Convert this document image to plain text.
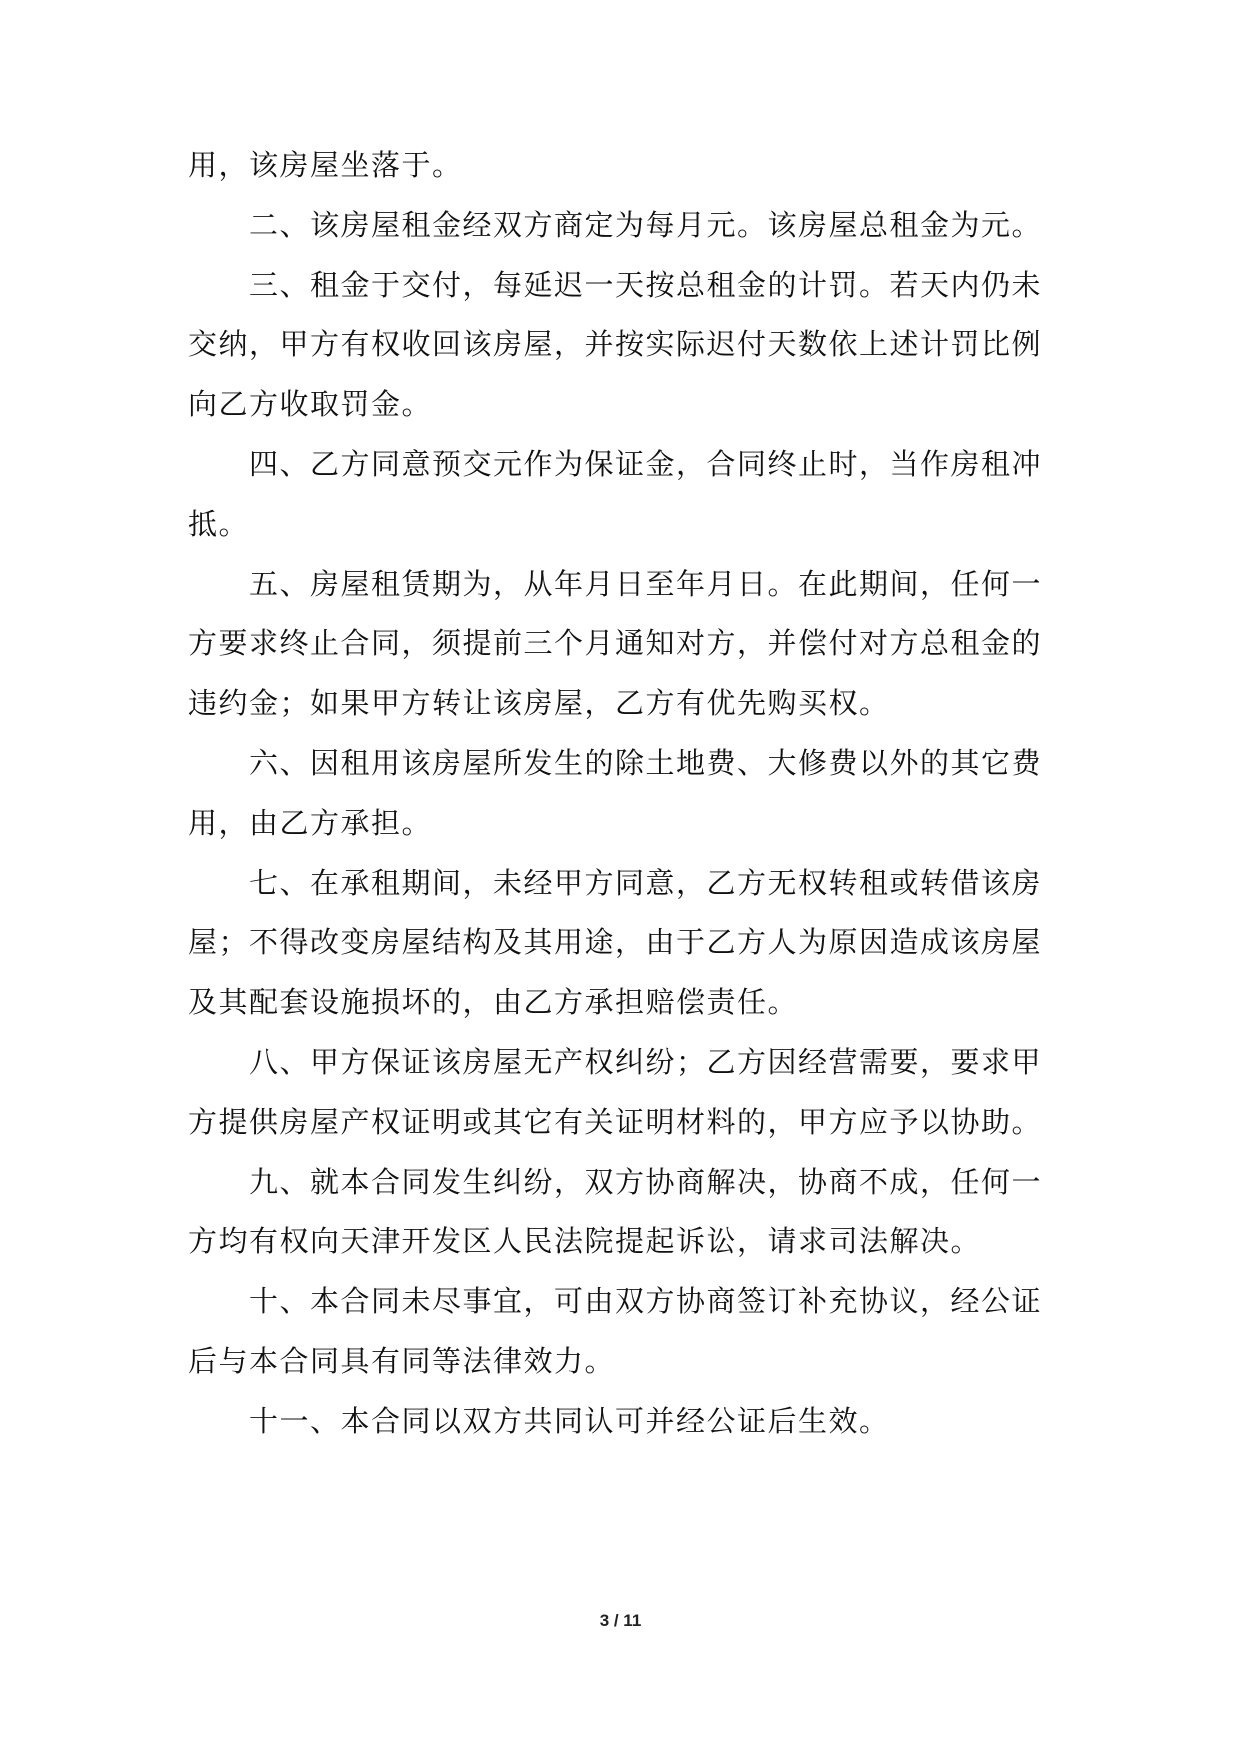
用，该房屋坐落于。
二、该房屋租金经双方商定为每月元。该房屋总租金为元。
三、租金于交付，每延迟一天按总租金的计罚。若天内仍未
交纳，甲方有权收回该房屋，并按实际迟付天数依上述计罚比例
向乙方收取罚金。
四、乙方同意预交元作为保证金，合同终止时，当作房租冲
抵。
五、房屋租赁期为，从年月日至年月日。在此期间，任何一
方要求终止合同，须提前三个月通知对方，并偿付对方总租金的
违约金；如果甲方转让该房屋，乙方有优先购买权。
六、因租用该房屋所发生的除土地费、大修费以外的其它费
用，由乙方承担。
七、在承租期间，未经甲方同意，乙方无权转租或转借该房
屋；不得改变房屋结构及其用途，由于乙方人为原因造成该房屋
及其配套设施损坏的，由乙方承担赔偿责任。
八、甲方保证该房屋无产权纠纷；乙方因经营需要，要求甲
方提供房屋产权证明或其它有关证明材料的，甲方应予以协助。
九、就本合同发生纠纷，双方协商解决，协商不成，任何一
方均有权向天津开发区人民法院提起诉讼，请求司法解决。
十、本合同未尽事宜，可由双方协商签订补充协议，经公证
后与本合同具有同等法律效力。
十一、本合同以双方共同认可并经公证后生效。
3 / 11
